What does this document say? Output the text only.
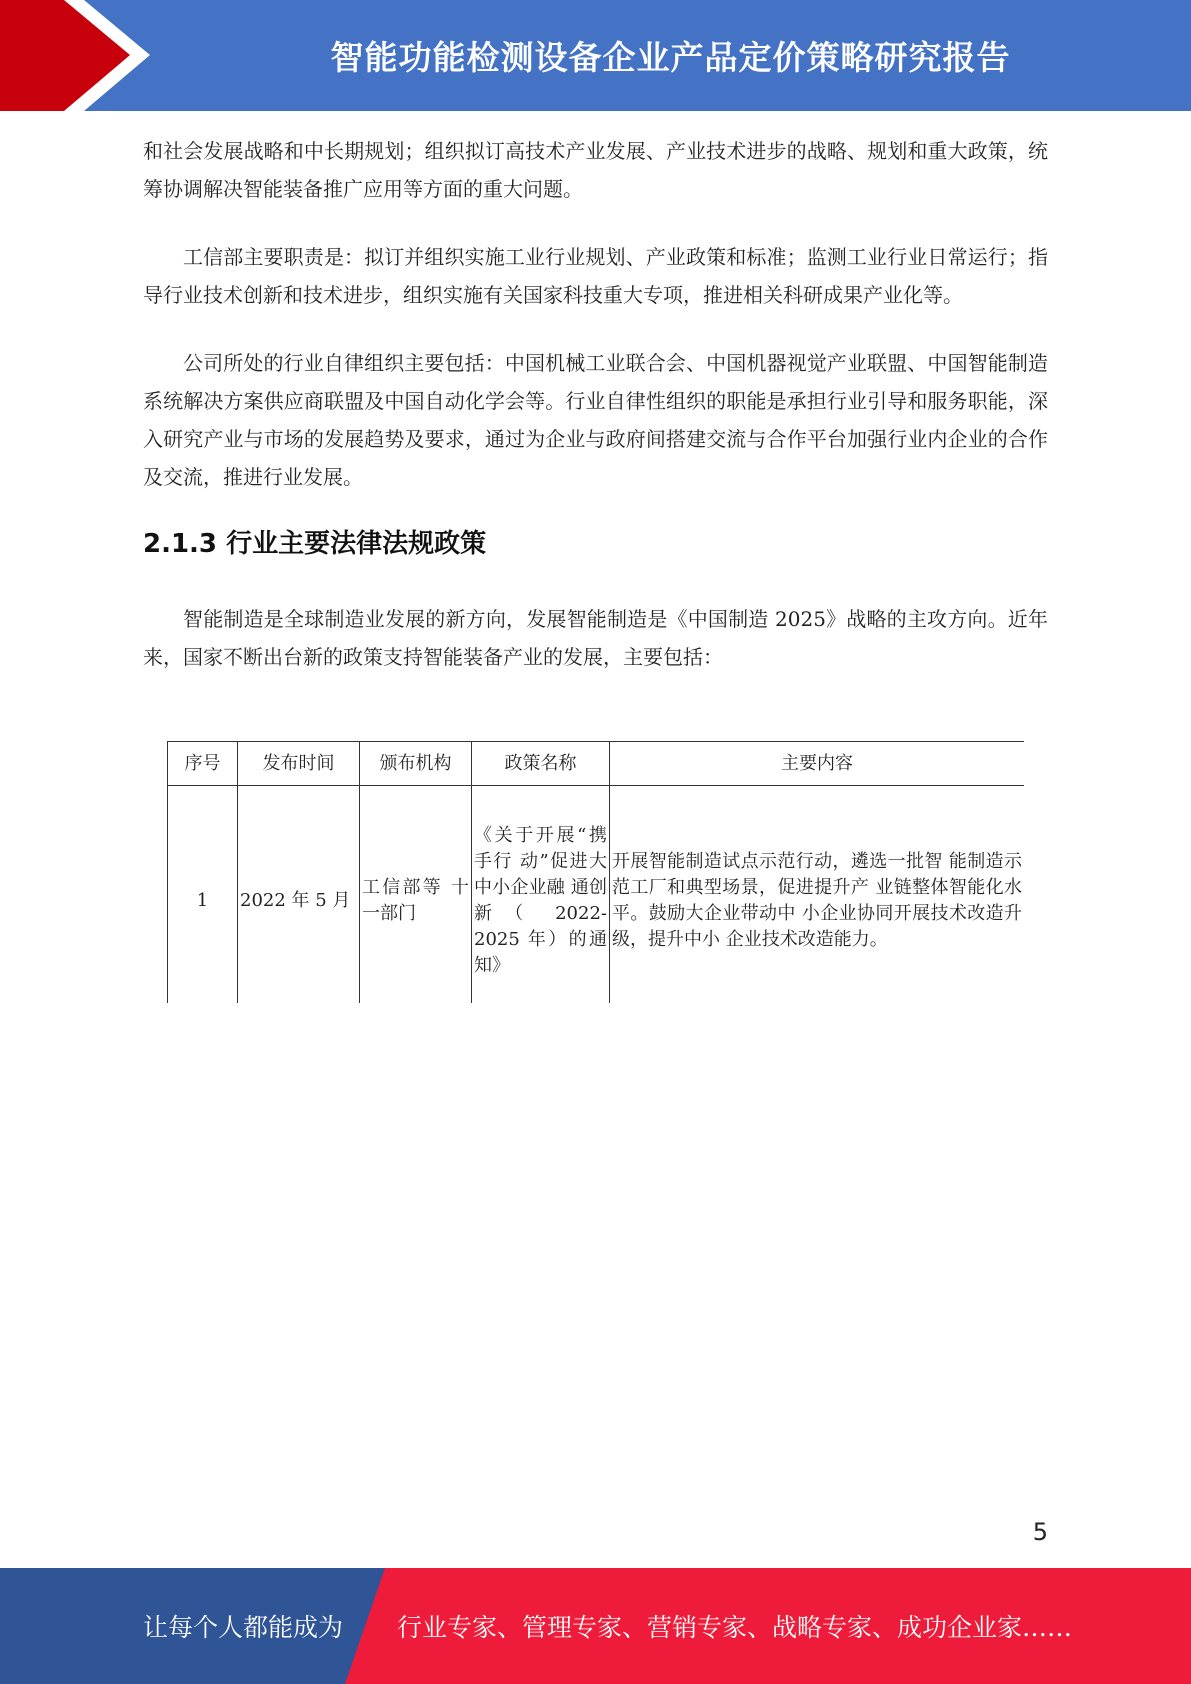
智能功能检测设备企业产品定价策略研究报告

和社会发展战略和中长期规划；组织拟订高技术产业发展、产业技术进步的战略、规划和重大政策，统筹协调解决智能装备推广应用等方面的重大问题。

工信部主要职责是：拟订并组织实施工业行业规划、产业政策和标准；监测工业行业日常运行；指导行业技术创新和技术进步，组织实施有关国家科技重大专项，推进相关科研成果产业化等。

公司所处的行业自律组织主要包括：中国机械工业联合会、中国机器视觉产业联盟、中国智能制造系统解决方案供应商联盟及中国自动化学会等。行业自律性组织的职能是承担行业引导和服务职能，深入研究产业与市场的发展趋势及要求，通过为企业与政府间搭建交流与合作平台加强行业内企业的合作及交流，推进行业发展。

2.1.3 行业主要法律法规政策

智能制造是全球制造业发展的新方向，发展智能制造是《中国制造 2025》战略的主攻方向。近年来，国家不断出台新的政策支持智能装备产业的发展，主要包括：

序号	发布时间	颁布机构	政策名称	主要内容
1	2022 年 5 月	工信部等 十一部门	《关于开展“携手行 动”促进大 中小企业融 通创新（ 2022-2025 年）的通 知》	开展智能制造试点示范行动，遴选一批智 能制造示范工厂和典型场景，促进提升产 业链整体智能化水平。鼓励大企业带动中 小企业协同开展技术改造升级，提升中小 企业技术改造能力。
5
让每个人都能成为 行业专家、管理专家、营销专家、战略专家、成功企业家……
